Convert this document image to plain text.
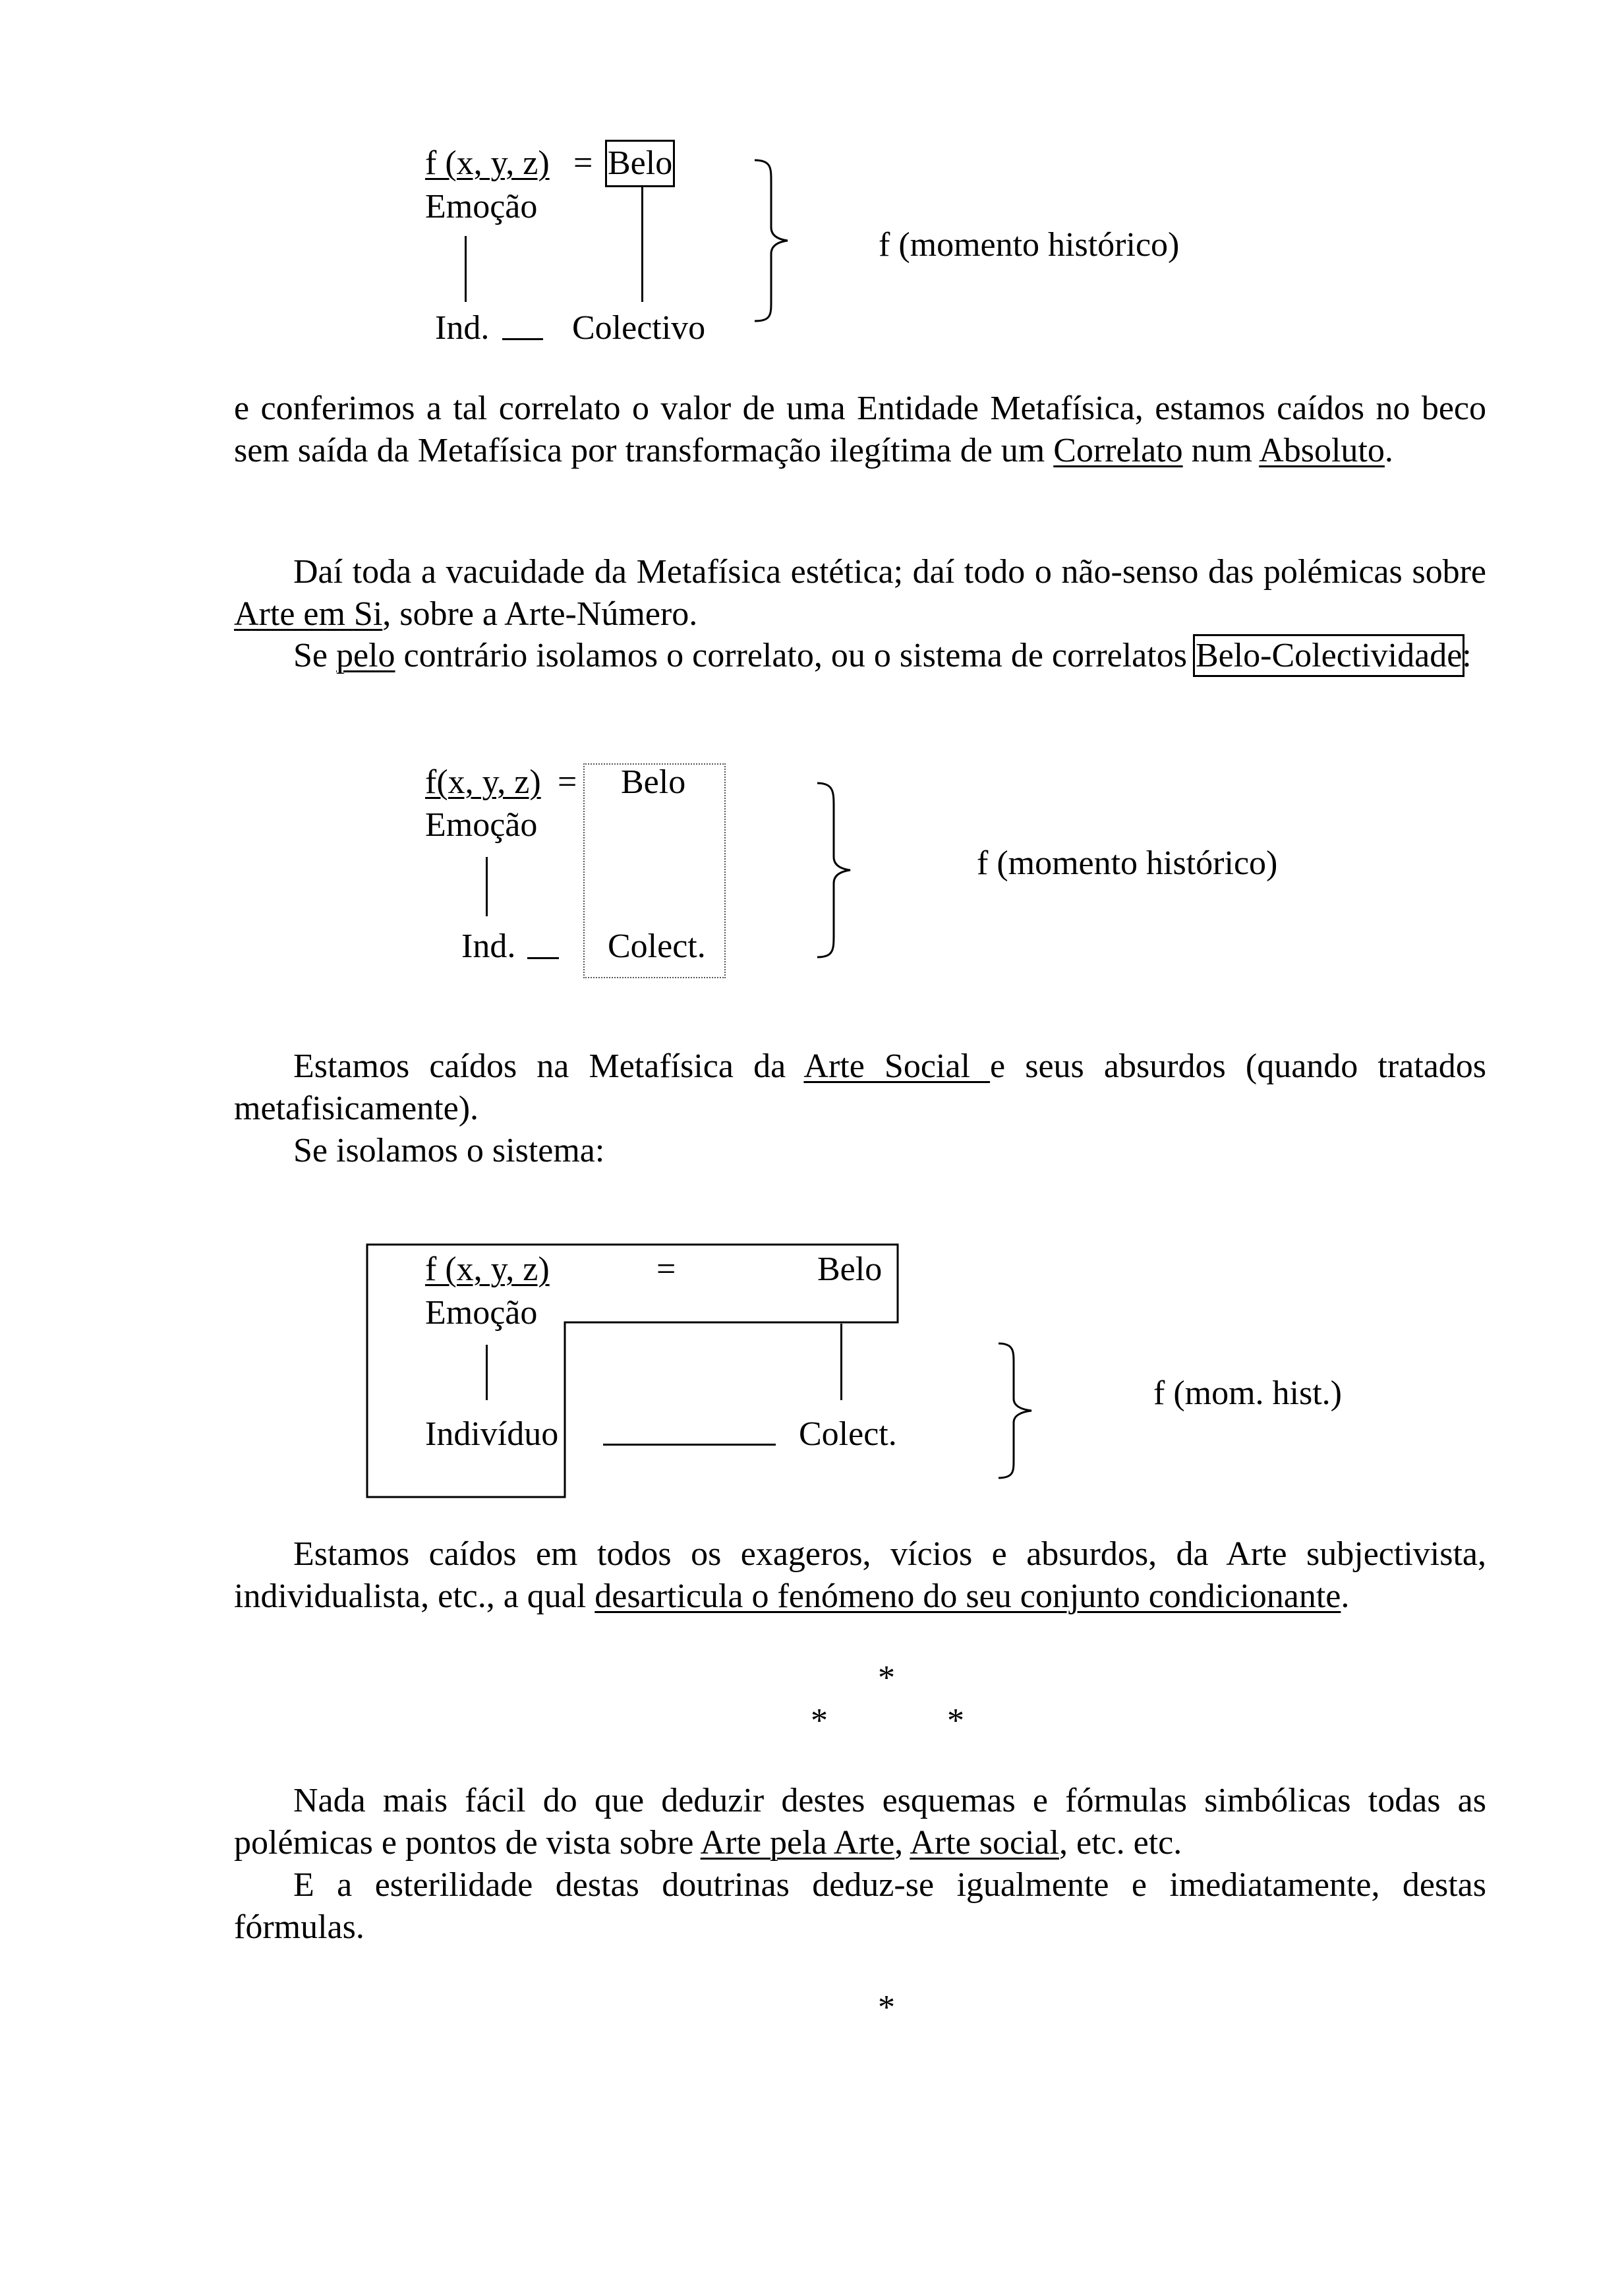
f (x, y, z) = Belo
Emoção
Ind. Colectivo
f (momento histórico)
e conferimos a tal correlato o valor de uma Entidade Metafísica, estamos caídos no beco sem saída da Metafísica por transformação ilegítima de um Correlato num Absoluto.
Daí toda a vacuidade da Metafísica estética; daí todo o não-senso das polémicas sobre Arte em Si, sobre a Arte-Número.
Se pelo contrário isolamos o correlato, ou o sistema de correlatos Belo-Colectividade:
f(x, y, z) = Belo
Emoção
Ind.	Colect.
f (momento histórico)
Estamos caídos na Metafísica da Arte Social e seus absurdos (quando tratados metafisicamente).
Se isolamos o sistema:
f (x, y, z)	=	Belo
Emoção
Indivíduo	Colect.
f (mom. hist.)
Estamos caídos em todos os exageros, vícios e absurdos, da Arte subjectivista, individualista, etc., a qual desarticula o fenómeno do seu conjunto condicionante.
*
*	*
Nada mais fácil do que deduzir destes esquemas e fórmulas simbólicas todas as polémicas e pontos de vista sobre Arte pela Arte, Arte social, etc. etc.
E a esterilidade destas doutrinas deduz-se igualmente e imediatamente, destas fórmulas.
*
